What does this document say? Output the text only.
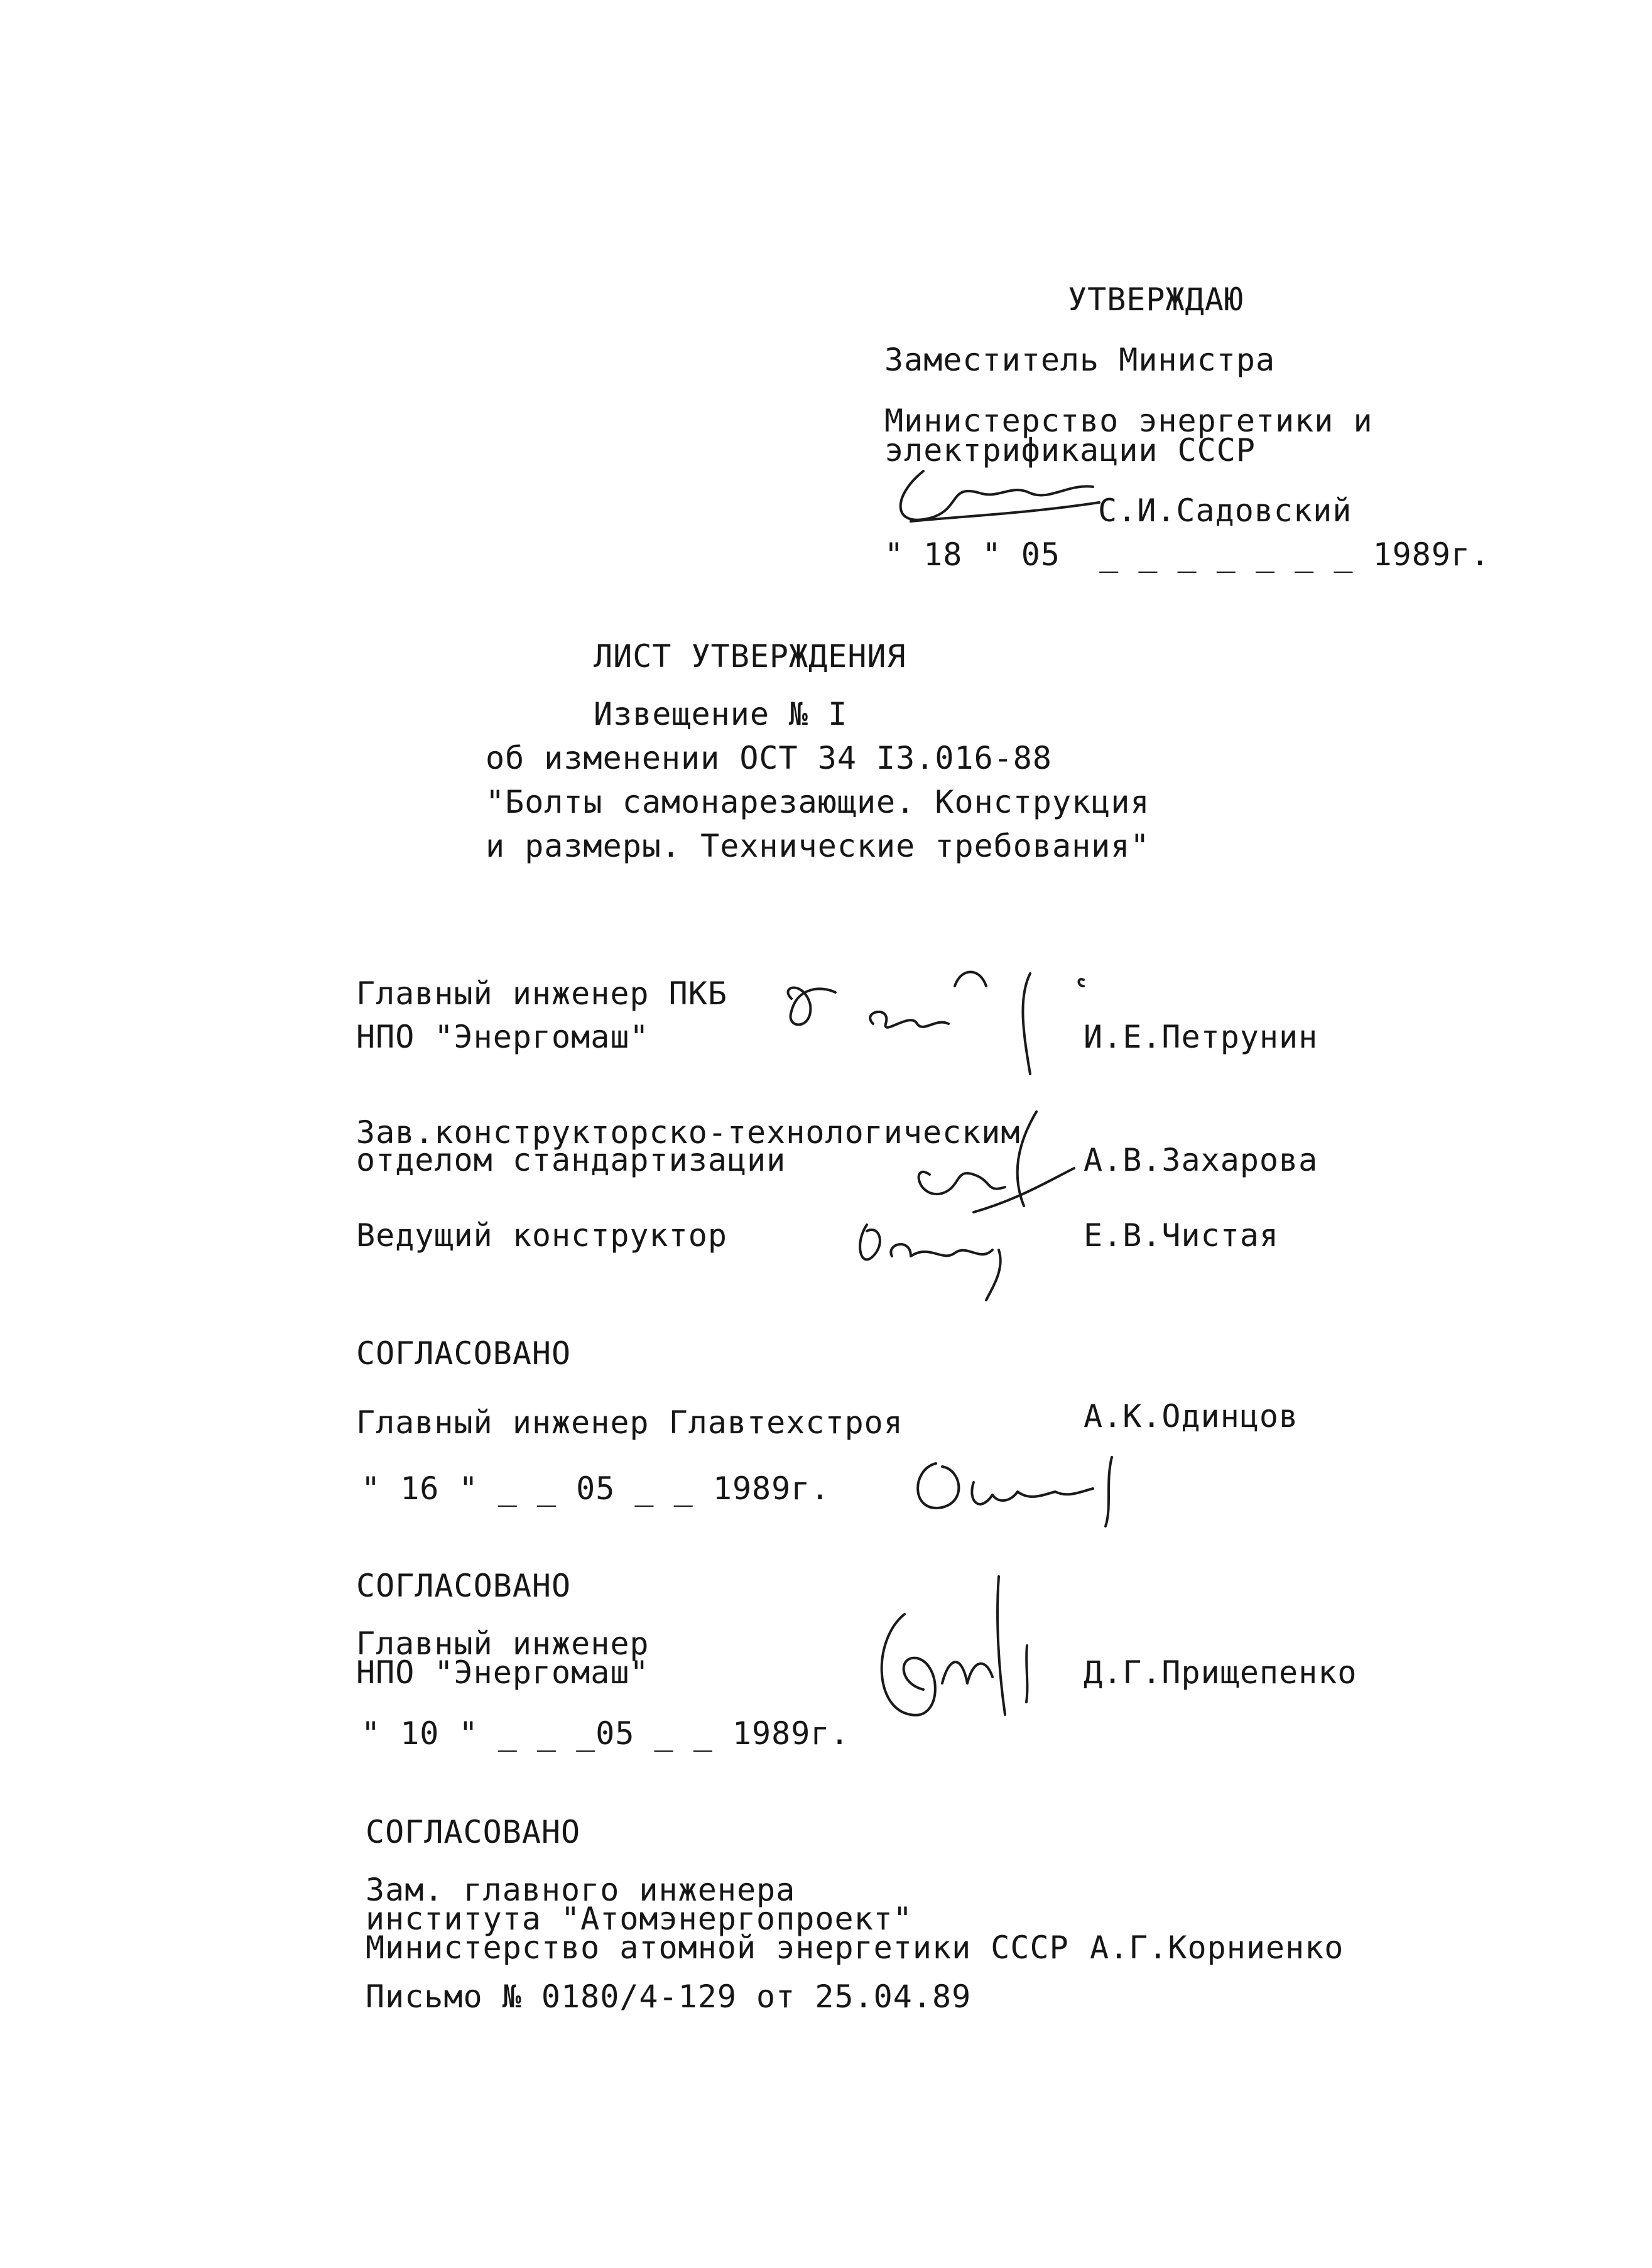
УТВЕРЖДАЮ
Заместитель Министра
Министерство энергетики и
электрификации СССР
С.И.Садовский
" 18 " 05  _ _ _ _ _ _ _ 1989г.
ЛИСТ УТВЕРЖДЕНИЯ
Извещение № I
об изменении ОСТ 34 I3.016-88
"Болты самонарезающие. Конструкция
и размеры. Технические требования"
Главный инженер ПКБ
НПО "Энергомаш"	И.Е.Петрунин
Зав.конструкторско-технологическим
отделом стандартизации	А.В.Захарова
Ведущий конструктор	Е.В.Чистая
СОГЛАСОВАНО
Главный инженер Главтехстроя	А.К.Одинцов
" 16 " _ _ 05 _ _ 1989г.
СОГЛАСОВАНО
Главный инженер
НПО "Энергомаш"	Д.Г.Прищепенко
" 10 " _ _ _05 _ _ 1989г.
СОГЛАСОВАНО
Зам. главного инженера
института "Атомэнергопроект"
Министерство атомной энергетики СССР А.Г.Корниенко
Письмо № 0180/4-129 от 25.04.89
